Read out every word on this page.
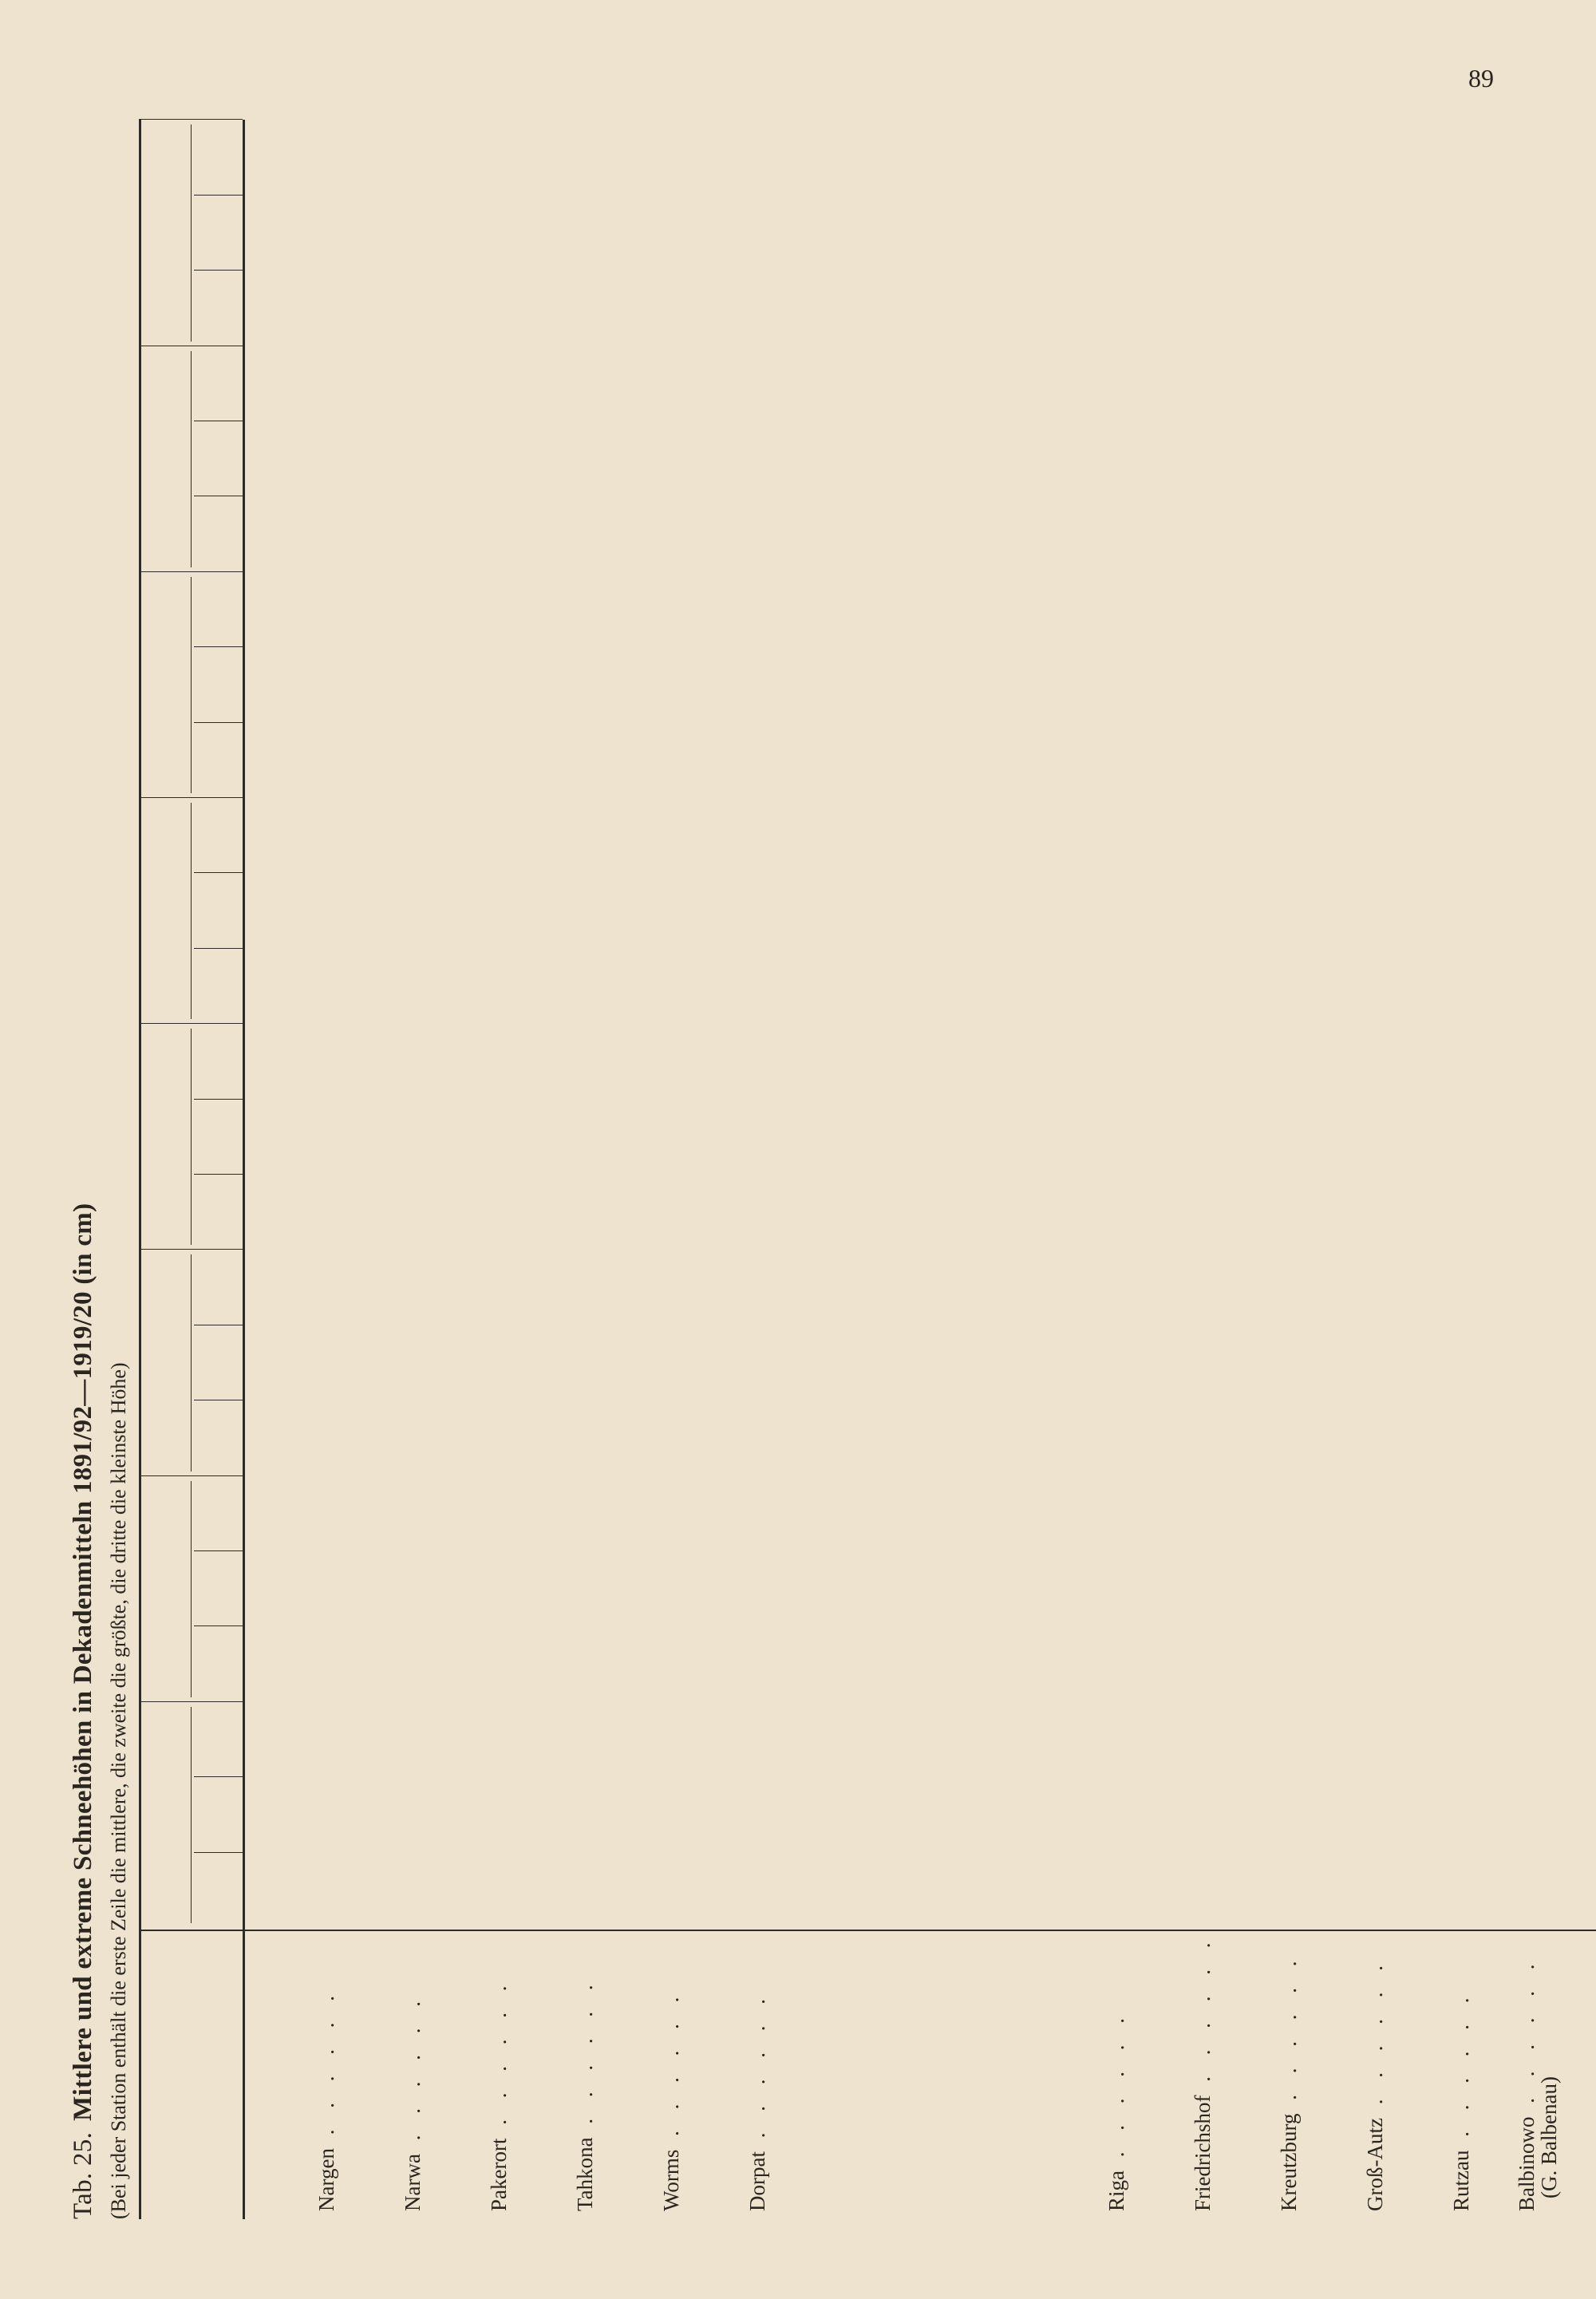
89
Tab. 25.Mittlere und extreme Schneehöhen in Dekadenmitteln 1891/92—1919/20 (in cm) (Bei jeder Station enthält die erste Zeile die mittlere, die zweite die größte, die dritte die kleinste Höhe)	Nargen . . . . . .
Narwa . . . . . .
Pakerort . . . . . .
Tahkona . . . . . .
Worms . . . . . .
Dorpat . . . . . .
Riga . . . . . .	Friedrichshof . . . . . .
Kreutzburg . . . . . .
Groß-Autz . . . . . .
Rutzau . . . . . .
Balbinowo . . . . . .
(G. Balbenau)
